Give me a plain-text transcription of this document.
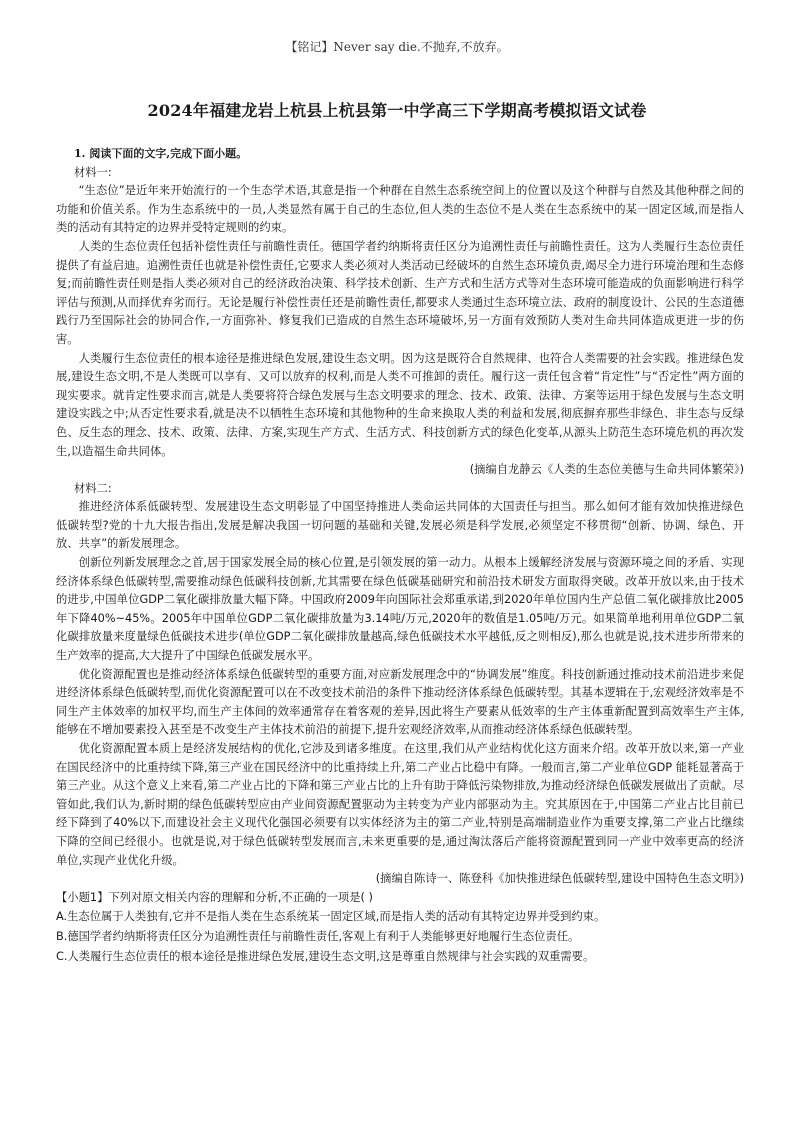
【铭记】Never say die.不抛弃,不放弃。
2024年福建龙岩上杭县上杭县第一中学高三下学期高考模拟语文试卷
1. 阅读下面的文字,完成下面小题。
材料一:

“生态位”是近年来开始流行的一个生态学术语,其意是指一个种群在自然生态系统空间上的位置以及这个种群与自然及其他种群之间的功能和价值关系。作为生态系统中的一员,人类显然有属于自己的生态位,但人类的生态位不是人类在生态系统中的某一固定区域,而是指人类的活动有其特定的边界并受特定规则的约束。

人类的生态位责任包括补偿性责任与前瞻性责任。德国学者约纳斯将责任区分为追溯性责任与前瞻性责任。这为人类履行生态位责任提供了有益启迪。追溯性责任也就是补偿性责任,它要求人类必须对人类活动已经破坏的自然生态环境负责,竭尽全力进行环境治理和生态修复;而前瞻性责任则是指人类必须对自己的经济政治决策、科学技术创新、生产方式和生活方式等对生态环境可能造成的负面影响进行科学评估与预测,从而择优弃劣而行。无论是履行补偿性责任还是前瞻性责任,都要求人类通过生态环境立法、政府的制度设计、公民的生态道德践行乃至国际社会的协同合作,一方面弥补、修复我们已造成的自然生态环境破坏,另一方面有效预防人类对生命共同体造成更进一步的伤害。

人类履行生态位责任的根本途径是推进绿色发展,建设生态文明。因为这是既符合自然规律、也符合人类需要的社会实践。推进绿色发展,建设生态文明,不是人类既可以享有、又可以放弃的权利,而是人类不可推卸的责任。履行这一责任包含着“肯定性”与“否定性”两方面的现实要求。就肯定性要求而言,就是人类要将符合绿色发展与生态文明要求的理念、技术、政策、法律、方案等运用于绿色发展与生态文明建设实践之中;从否定性要求看,就是决不以牺牲生态环境和其他物种的生命来换取人类的利益和发展,彻底摒弃那些非绿色、非生态与反绿色、反生态的理念、技术、政策、法律、方案,实现生产方式、生活方式、科技创新方式的绿色化变革,从源头上防范生态环境危机的再次发生,以造福生命共同体。

(摘编自龙静云《人类的生态位美德与生命共同体繁荣》)
材料二:

推进经济体系低碳转型、发展建设生态文明彰显了中国坚持推进人类命运共同体的大国责任与担当。那么如何才能有效加快推进绿色低碳转型?党的十九大报告指出,发展是解决我国一切问题的基础和关键,发展必须是科学发展,必须坚定不移贯彻“创新、协调、绿色、开放、共享”的新发展理念。

创新位列新发展理念之首,居于国家发展全局的核心位置,是引领发展的第一动力。从根本上缓解经济发展与资源环境之间的矛盾、实现经济体系绿色低碳转型,需要推动绿色低碳科技创新,尤其需要在绿色低碳基础研究和前沿技术研发方面取得突破。改革开放以来,由于技术的进步,中国单位GDP二氧化碳排放量大幅下降。中国政府2009年向国际社会郑重承诺,到2020年单位国内生产总值二氧化碳排放比2005年下降40%~45%。2005年中国单位GDP二氧化碳排放量为3.14吨/万元,2020年的数值是1.05吨/万元。如果简单地利用单位GDP二氧化碳排放量来度量绿色低碳技术进步(单位GDP二氧化碳排放量越高,绿色低碳技术水平越低,反之则相反),那么也就是说,技术进步所带来的生产效率的提高,大大提升了中国绿色低碳发展水平。

优化资源配置也是推动经济体系绿色低碳转型的重要方面,对应新发展理念中的“协调发展”维度。科技创新通过推动技术前沿进步来促进经济体系绿色低碳转型,而优化资源配置可以在不改变技术前沿的条件下推动经济体系绿色低碳转型。其基本逻辑在于,宏观经济效率是不同生产主体效率的加权平均,而生产主体间的效率通常存在着客观的差异,因此将生产要素从低效率的生产主体重新配置到高效率生产主体,能够在不增加要素投入甚至是不改变生产主体技术前沿的前提下,提升宏观经济效率,从而推动经济体系绿色低碳转型。

优化资源配置本质上是经济发展结构的优化,它涉及到诸多维度。在这里,我们从产业结构优化这方面来介绍。改革开放以来,第一产业在国民经济中的比重持续下降,第三产业在国民经济中的比重持续上升,第二产业占比稳中有降。一般而言,第二产业单位GDP 能耗显著高于第三产业。从这个意义上来看,第二产业占比的下降和第三产业占比的上升有助于降低污染物排放,为推动经济绿色低碳发展做出了贡献。尽管如此,我们认为,新时期的绿色低碳转型应由产业间资源配置驱动为主转变为产业内部驱动为主。究其原因在于,中国第二产业占比目前已经下降到了40%以下,而建设社会主义现代化强国必须要有以实体经济为主的第二产业,特别是高端制造业作为重要支撑,第二产业占比继续下降的空间已经很小。也就是说,对于绿色低碳转型发展而言,未来更重要的是,通过淘汰落后产能将资源配置到同一产业中效率更高的经济单位,实现产业优化升级。

(摘编自陈诗一、陈登科《加快推进绿色低碳转型,建设中国特色生态文明》)
【小题1】下列对原文相关内容的理解和分析,不正确的一项是( )
A.生态位属于人类独有,它并不是指人类在生态系统某一固定区域,而是指人类的活动有其特定边界并受到约束。
B.德国学者约纳斯将责任区分为追溯性责任与前瞻性责任,客观上有利于人类能够更好地履行生态位责任。
C.人类履行生态位责任的根本途径是推进绿色发展,建设生态文明,这是尊重自然规律与社会实践的双重需要。
